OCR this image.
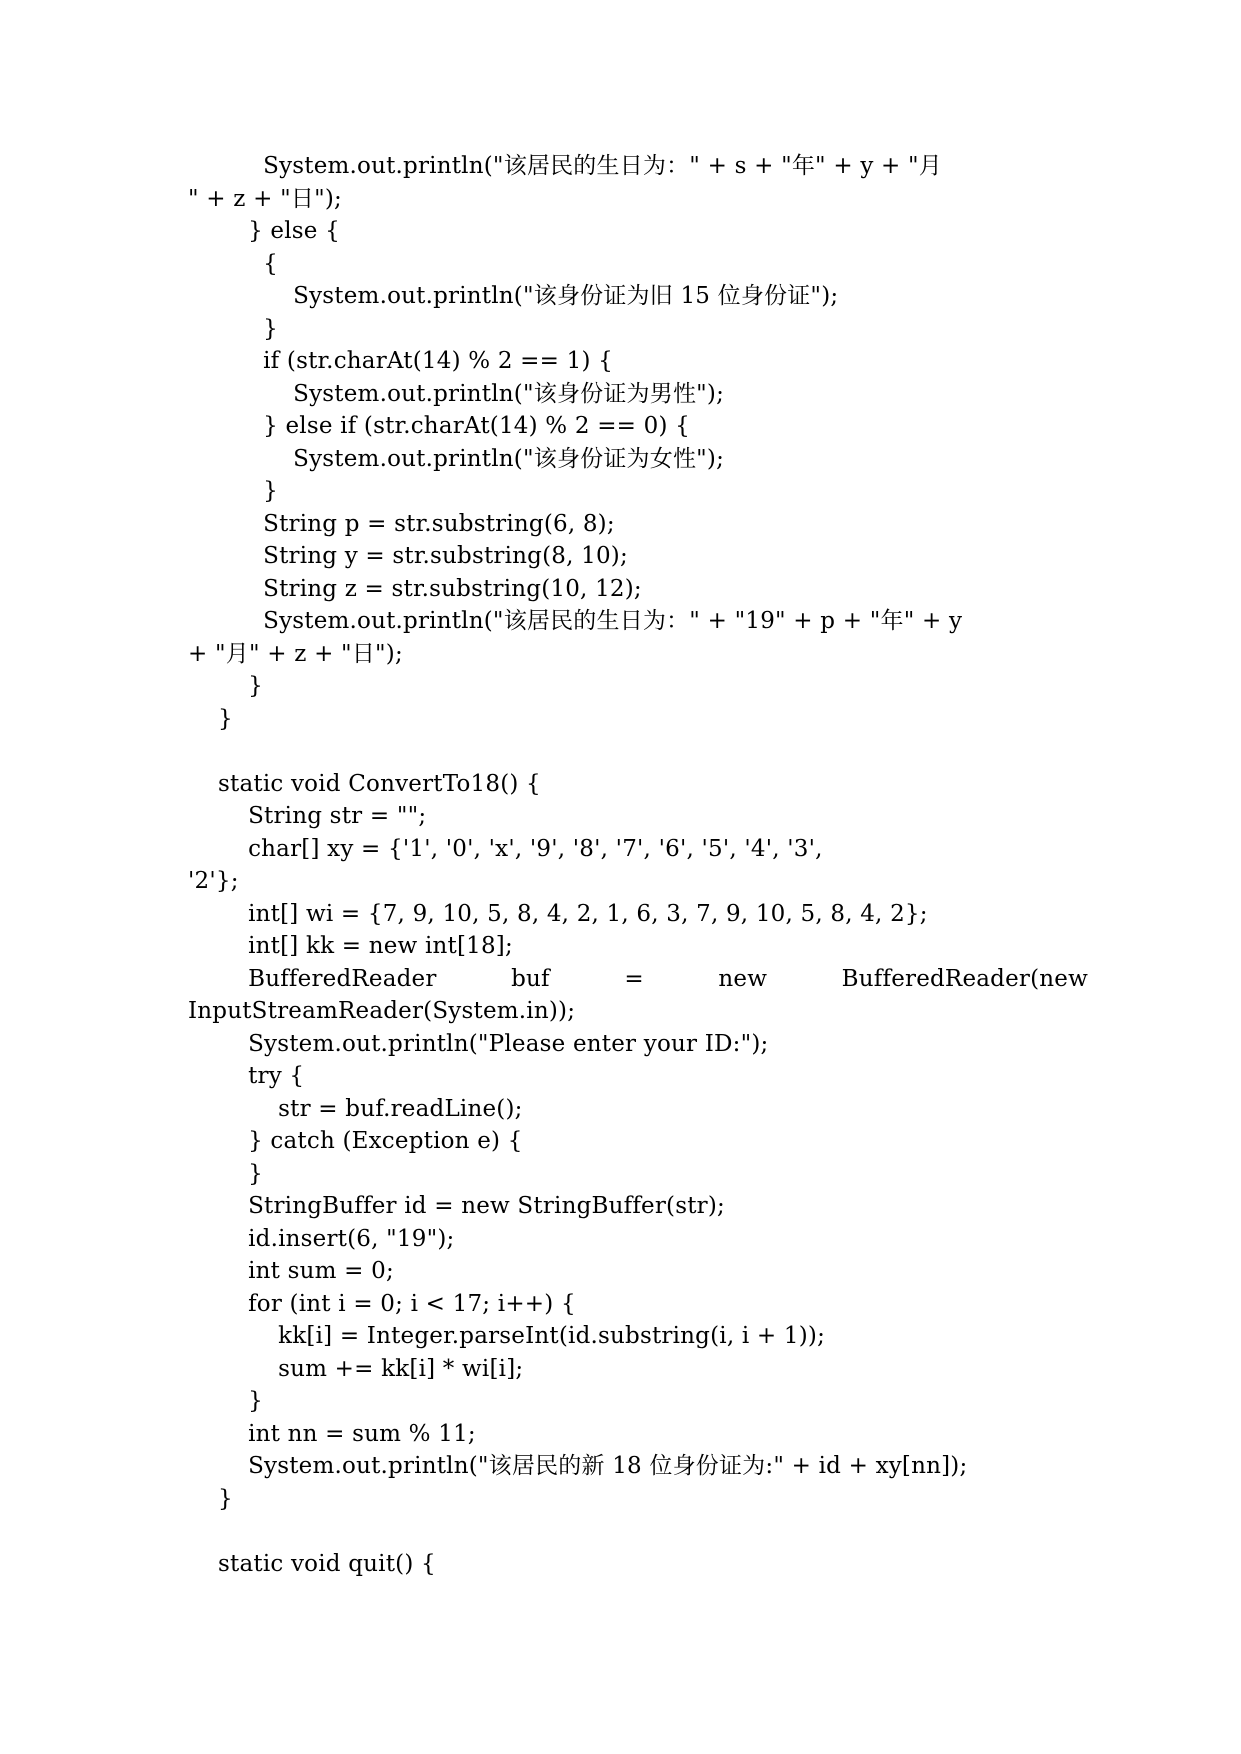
System.out.println("该居民的生日为：" + s + "年" + y + "月
" + z + "日");
} else {
{
System.out.println("该身份证为旧 15 位身份证");
}
if (str.charAt(14) % 2 == 1) {
System.out.println("该身份证为男性");
} else if (str.charAt(14) % 2 == 0) {
System.out.println("该身份证为女性");
}
String p = str.substring(6, 8);
String y = str.substring(8, 10);
String z = str.substring(10, 12);
System.out.println("该居民的生日为：" + "19" + p + "年" + y
+ "月" + z + "日");
}
}
static void ConvertTo18() {
String str = "";
char[] xy = {'1', '0', 'x', '9', '8', '7', '6', '5', '4', '3',
'2'};
int[] wi = {7, 9, 10, 5, 8, 4, 2, 1, 6, 3, 7, 9, 10, 5, 8, 4, 2};
int[] kk = new int[18];

BufferedReader	buf	=	new	BufferedReader(new
InputStreamReader(System.in));
System.out.println("Please enter your ID:");
try {
str = buf.readLine();
} catch (Exception e) {
}
StringBuffer id = new StringBuffer(str);
id.insert(6, "19");
int sum = 0;
for (int i = 0; i < 17; i++) {
kk[i] = Integer.parseInt(id.substring(i, i + 1));
sum += kk[i] * wi[i];
}
int nn = sum % 11;
System.out.println("该居民的新 18 位身份证为:" + id + xy[nn]);
}
static void quit() {
